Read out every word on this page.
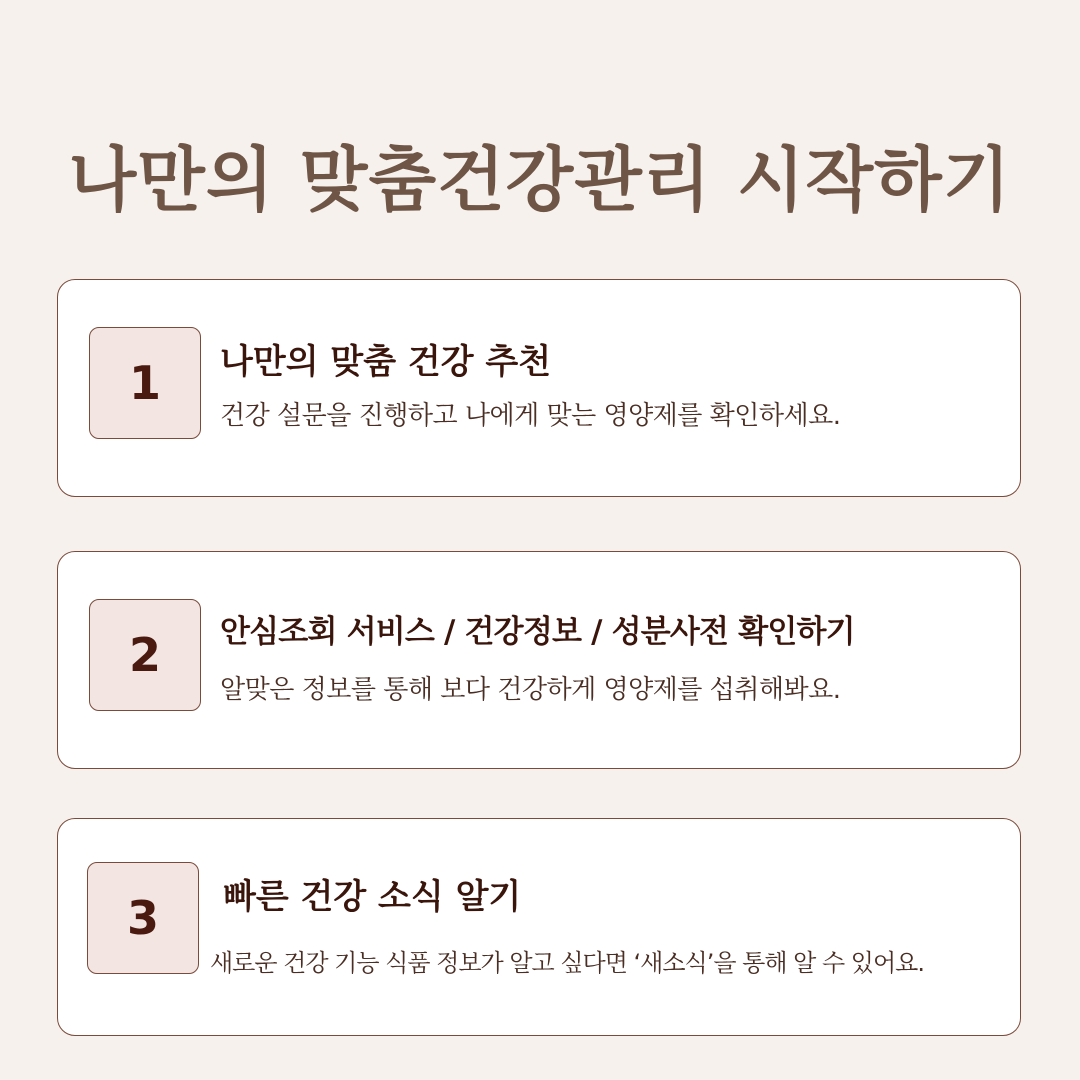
나만의 맞춤건강관리 시작하기
1	나만의 맞춤 건강 추천
건강 설문을 진행하고 나에게 맞는 영양제를 확인하세요.
2	안심조회 서비스 / 건강정보 / 성분사전 확인하기
알맞은 정보를 통해 보다 건강하게 영양제를 섭취해봐요.
3	빠른 건강 소식 알기
새로운 건강 기능 식품 정보가 알고 싶다면 ‘새소식’을 통해 알 수 있어요.
